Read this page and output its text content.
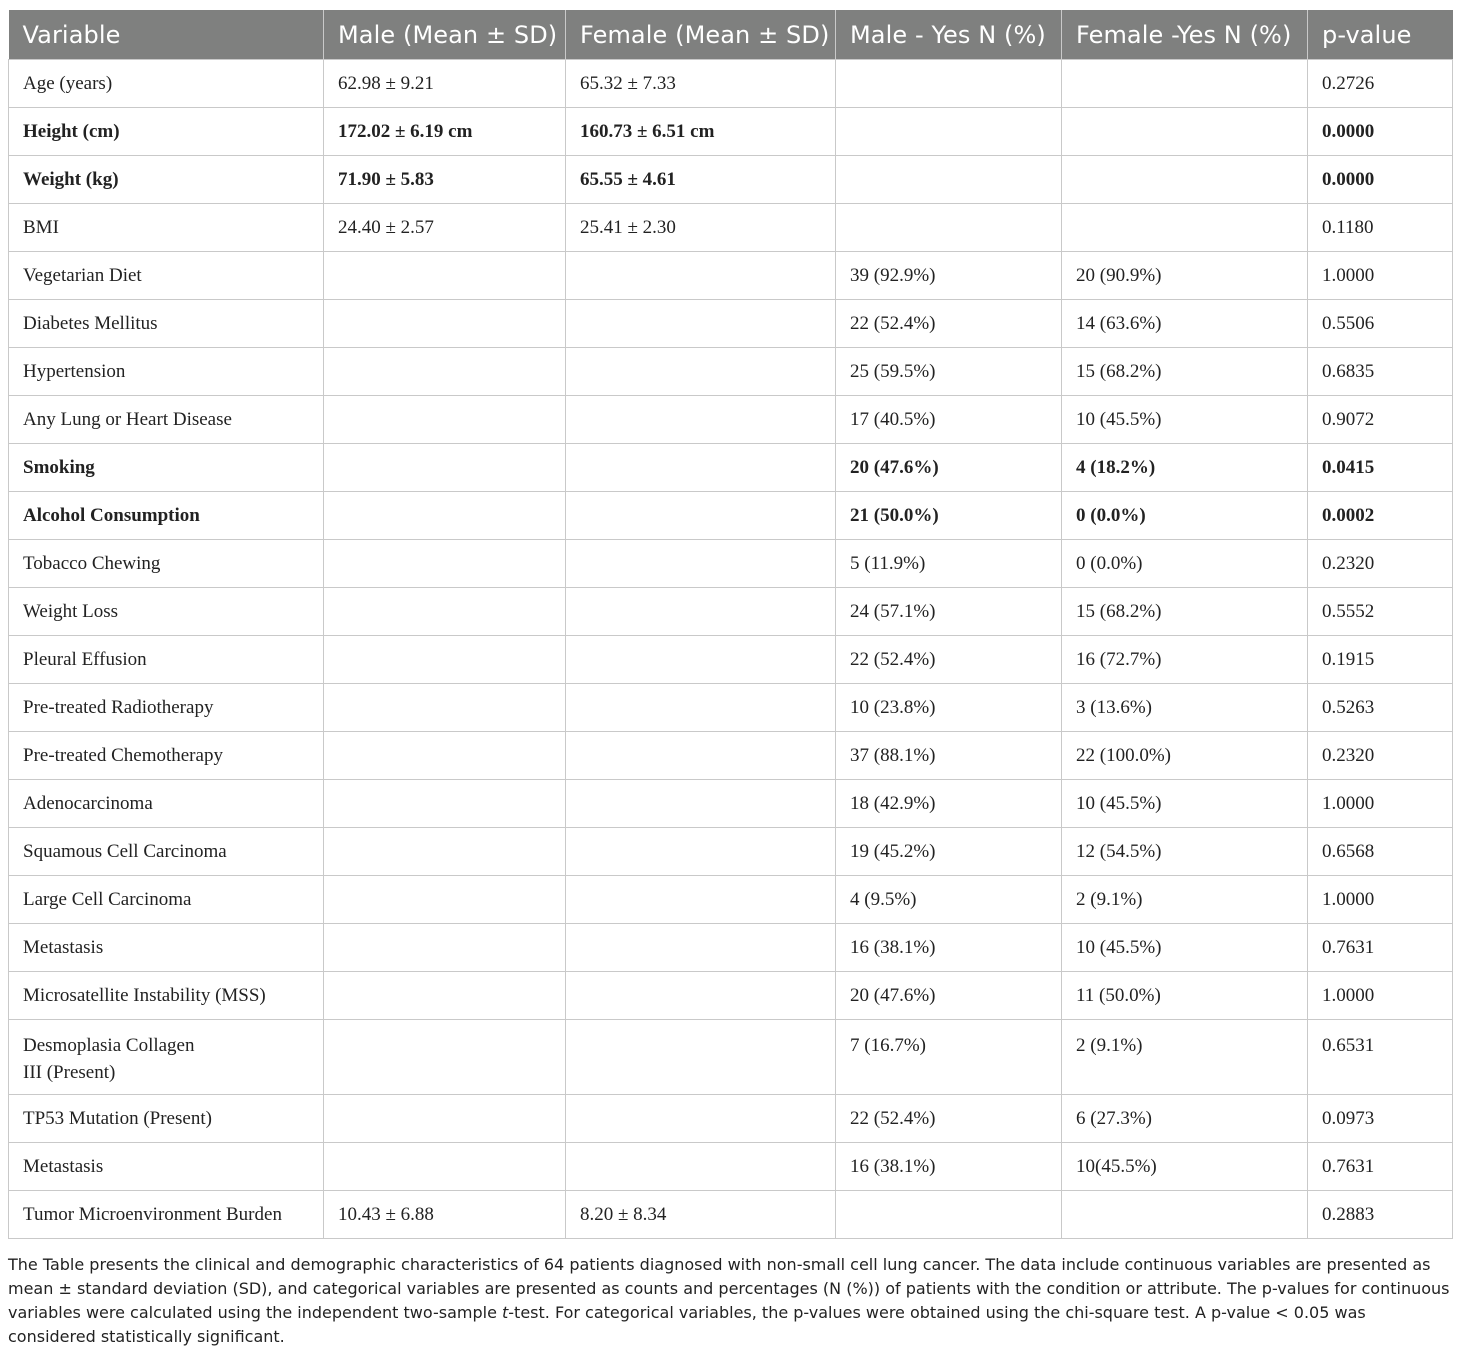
Variable	Male (Mean ± SD)	Female (Mean ± SD)	Male - Yes N (%)	Female -Yes N (%)	p-value
Age (years)	62.98 ± 9.21	65.32 ± 7.33			0.2726
Height (cm)	172.02 ± 6.19 cm	160.73 ± 6.51 cm			0.0000
Weight (kg)	71.90 ± 5.83	65.55 ± 4.61			0.0000
BMI	24.40 ± 2.57	25.41 ± 2.30			0.1180
Vegetarian Diet			39 (92.9%)	20 (90.9%)	1.0000
Diabetes Mellitus			22 (52.4%)	14 (63.6%)	0.5506
Hypertension			25 (59.5%)	15 (68.2%)	0.6835
Any Lung or Heart Disease			17 (40.5%)	10 (45.5%)	0.9072
Smoking			20 (47.6%)	4 (18.2%)	0.0415
Alcohol Consumption			21 (50.0%)	0 (0.0%)	0.0002
Tobacco Chewing			5 (11.9%)	0 (0.0%)	0.2320
Weight Loss			24 (57.1%)	15 (68.2%)	0.5552
Pleural Effusion			22 (52.4%)	16 (72.7%)	0.1915
Pre-treated Radiotherapy			10 (23.8%)	3 (13.6%)	0.5263
Pre-treated Chemotherapy			37 (88.1%)	22 (100.0%)	0.2320
Adenocarcinoma			18 (42.9%)	10 (45.5%)	1.0000
Squamous Cell Carcinoma			19 (45.2%)	12 (54.5%)	0.6568
Large Cell Carcinoma			4 (9.5%)	2 (9.1%)	1.0000
Metastasis			16 (38.1%)	10 (45.5%)	0.7631
Microsatellite Instability (MSS)			20 (47.6%)	11 (50.0%)	1.0000
Desmoplasia Collagen
III (Present)			7 (16.7%)	2 (9.1%)	0.6531
TP53 Mutation (Present)			22 (52.4%)	6 (27.3%)	0.0973
Metastasis			16 (38.1%)	10(45.5%)	0.7631
Tumor Microenvironment Burden	10.43 ± 6.88	8.20 ± 8.34			0.2883
The Table presents the clinical and demographic characteristics of 64 patients diagnosed with non-small cell lung cancer. The data include continuous variables are presented as mean ± standard deviation (SD), and categorical variables are presented as counts and percentages (N (%)) of patients with the condition or attribute. The p-values for continuous variables were calculated using the independent two-sample t-test. For categorical variables, the p-values were obtained using the chi-square test. A p-value < 0.05 was considered statistically significant.
